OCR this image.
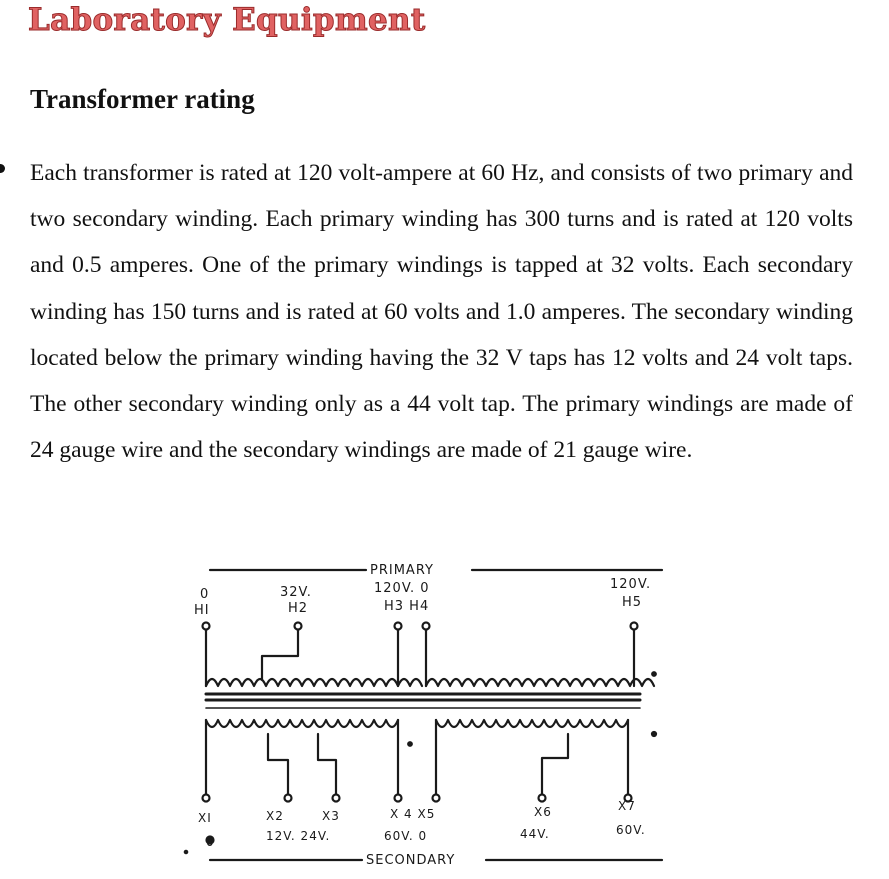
Laboratory Equipment
Transformer rating

Each transformer is rated at 120 volt-ampere at 60 Hz, and consists of two primary and two secondary winding. Each primary winding has 300 turns and is rated at 120 volts and 0.5 amperes. One of the primary windings is tapped at 32 volts. Each secondary winding has 150 turns and is rated at 60 volts and 1.0 amperes. The secondary winding located below the primary winding having the 32 V taps has 12 volts and 24 volt taps. The other secondary winding only as a 44 volt tap. The primary windings are made of 24 gauge wire and the secondary windings are made of 21 gauge wire.

PRIMARY
SECONDARY
0
HI
32V.
H2
120V. 0
H3 H4
120V.
H5
XI	X2	X3	X 4 X5	X6	X7
0	12V. 24V.	60V. 0	44V.	60V.
